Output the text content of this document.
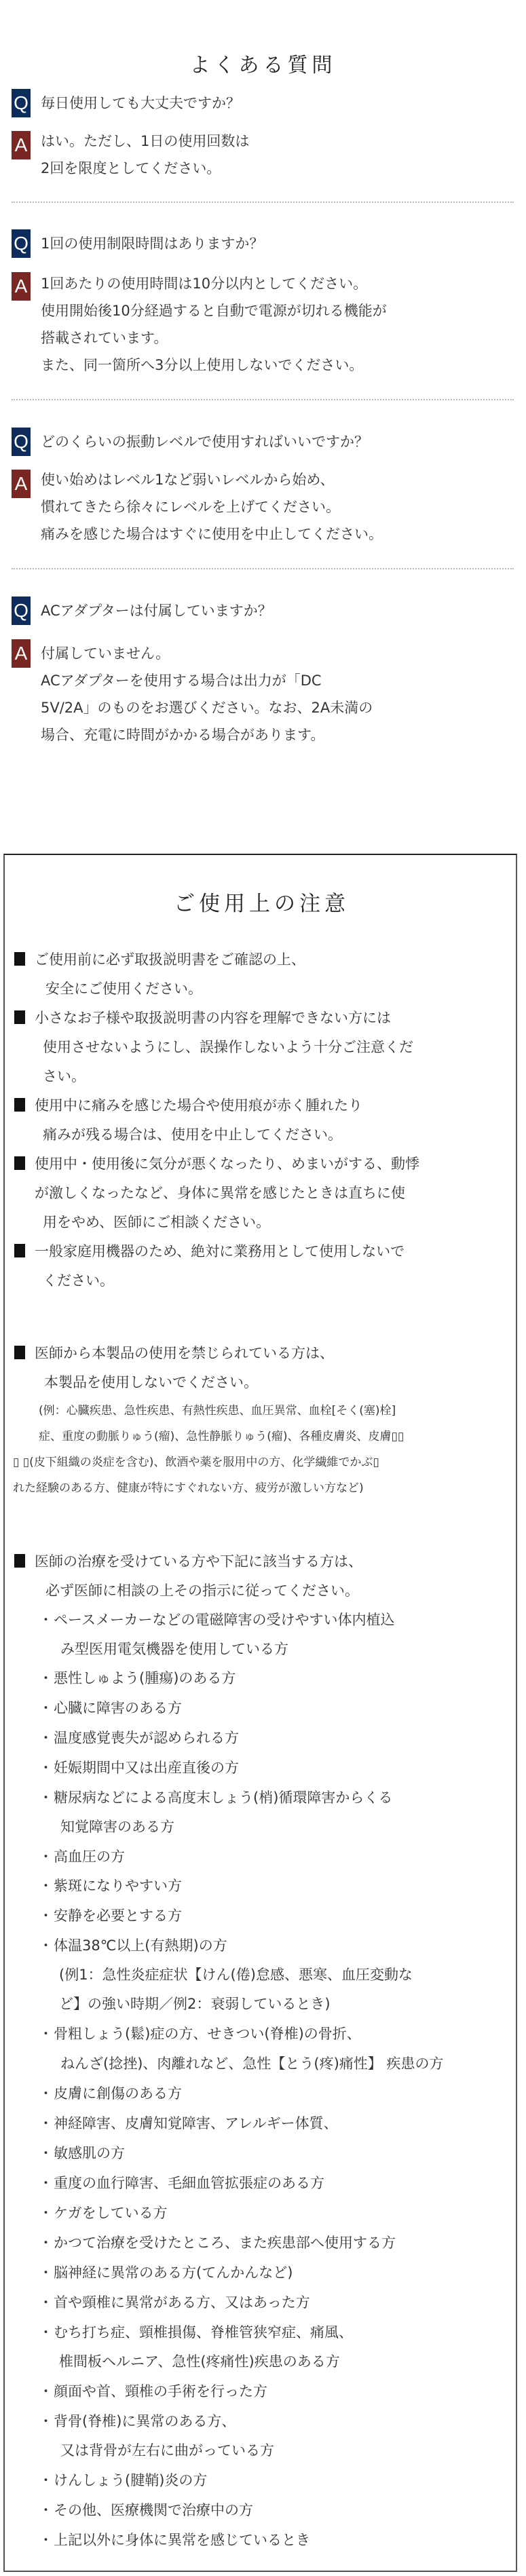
よくある質問
Q 毎日使用しても大丈夫ですか？
A はい。ただし、1日の使用回数は
2回を限度としてください。
Q 1回の使用制限時間はありますか？
A 1回あたりの使用時間は10分以内としてください。
使用開始後10分経過すると自動で電源が切れる機能が
搭載されています。
また、同一箇所へ3分以上使用しないでください。
Q どのくらいの振動レベルで使用すればいいですか？
A 使い始めはレベル1など弱いレベルから始め、
慣れてきたら徐々にレベルを上げてください。
痛みを感じた場合はすぐに使用を中止してください。
Q ACアダプターは付属していますか？
A 付属していません。
ACアダプターを使用する場合は出力が「DC
5V/2A」のものをお選びください。なお、2A未満の
場合、充電に時間がかかる場合があります。
ご使用上の注意
ご使用前に必ず取扱説明書をご確認の上、
安全にご使用ください。
小さなお子様や取扱説明書の内容を理解できない方には
使用させないようにし、誤操作しないよう十分ご注意くだ
さい。
使用中に痛みを感じた場合や使用痕が赤く腫れたり
痛みが残る場合は、使用を中止してください。
使用中・使用後に気分が悪くなったり、めまいがする、動悸
が激しくなったなど、身体に異常を感じたときは直ちに使
用をやめ、医師にご相談ください。
一般家庭用機器のため、絶対に業務用として使用しないで
ください。
医師から本製品の使用を禁じられている方は、
本製品を使用しないでください。
(例：心臓疾患、急性疾患、有熱性疾患、血圧異常、血栓[そく(塞)栓]
症、重度の動脈りゅう(瘤)、急性静脈りゅう(瘤)、各種皮膚炎、皮膚▯▯
▯ ▯(皮下組織の炎症を含む)、飲酒や薬を服用中の方、化学繊維でかぶ▯
れた経験のある方、健康が特にすぐれない方、疲労が激しい方など)
医師の治療を受けている方や下記に該当する方は、
必ず医師に相談の上その指示に従ってください。
・ペースメーカーなどの電磁障害の受けやすい体内植込
み型医用電気機器を使用している方
・悪性しゅよう(腫瘍)のある方
・心臓に障害のある方
・温度感覚喪失が認められる方
・妊娠期間中又は出産直後の方
・糖尿病などによる高度末しょう(梢)循環障害からくる
知覚障害のある方
・高血圧の方
・紫斑になりやすい方
・安静を必要とする方
・体温38℃以上(有熱期)の方
(例1：急性炎症症状【けん(倦)怠感、悪寒、血圧変動な
ど】の強い時期／例2：衰弱しているとき)
・骨粗しょう(鬆)症の方、せきつい(脊椎)の骨折、
ねんざ(捻挫)、肉離れなど、急性【とう(疼)痛性】 疾患の方
・皮膚に創傷のある方
・神経障害、皮膚知覚障害、アレルギー体質、
・敏感肌の方
・重度の血行障害、毛細血管拡張症のある方
・ケガをしている方
・かつて治療を受けたところ、また疾患部へ使用する方
・脳神経に異常のある方(てんかんなど)
・首や頸椎に異常がある方、又はあった方
・むち打ち症、頸椎損傷、脊椎管狭窄症、痛風、
椎間板ヘルニア、急性(疼痛性)疾患のある方
・顔面や首、頸椎の手術を行った方
・背骨(脊椎)に異常のある方、
又は背骨が左右に曲がっている方
・けんしょう(腱鞘)炎の方
・その他、医療機関で治療中の方
・上記以外に身体に異常を感じているとき
